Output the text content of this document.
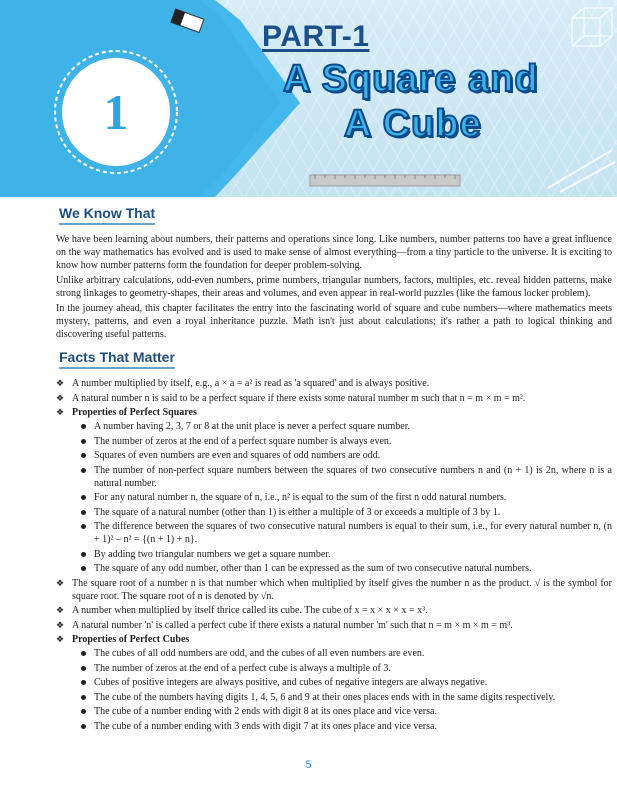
1
PART-1
A Square and
A Cube
We Know That

We have been learning about numbers, their patterns and operations since long. Like numbers, number patterns too have a great influence on the way mathematics has evolved and is used to make sense of almost everything—from a tiny particle to the universe. It is exciting to know how number patterns form the foundation for deeper problem-solving.

Unlike arbitrary calculations, odd-even numbers, prime numbers, triangular numbers, factors, multiples, etc. reveal hidden patterns, make strong linkages to geometry-shapes, their areas and volumes, and even appear in real-world puzzles (like the famous locker problem).

In the journey ahead, this chapter facilitates the entry into the fascinating world of square and cube numbers—where mathematics meets mystery, patterns, and even a royal inheritance puzzle. Math isn't just about calculations; it's rather a path to logical thinking and discovering useful patterns.

Facts That Matter
❖ A number multiplied by itself, e.g., a × a = a² is read as 'a squared' and is always positive.
❖ A natural number n is said to be a perfect square if there exists some natural number m such that n = m × m = m².
❖ Properties of Perfect Squares
A number having 2, 3, 7 or 8 at the unit place is never a perfect square number.
The number of zeros at the end of a perfect square number is always even.
Squares of even numbers are even and squares of odd numbers are odd.
The number of non-perfect square numbers between the squares of two consecutive numbers n and (n + 1) is 2n, where n is a natural number.
For any natural number n, the square of n, i.e., n² is equal to the sum of the first n odd natural numbers.
The square of a natural number (other than 1) is either a multiple of 3 or exceeds a multiple of 3 by 1.
The difference between the squares of two consecutive natural numbers is equal to their sum, i.e., for every natural number n, (n + 1)² – n² = {(n + 1) + n}.
By adding two triangular numbers we get a square number.
The square of any odd number, other than 1 can be expressed as the sum of two consecutive natural numbers.
❖ The square root of a number n is that number which when multiplied by itself gives the number n as the product. √ is the symbol for square root. The square root of n is denoted by √n.
❖ A number when multiplied by itself thrice called its cube. The cube of x = x × x × x = x³.
❖ A natural number 'n' is called a perfect cube if there exists a natural number 'm' such that n = m × m × m = m³.
❖ Properties of Perfect Cubes
The cubes of all odd numbers are odd, and the cubes of all even numbers are even.
The number of zeros at the end of a perfect cube is always a multiple of 3.
Cubes of positive integers are always positive, and cubes of negative integers are always negative.
The cube of the numbers having digits 1, 4, 5, 6 and 9 at their ones places ends with in the same digits respectively.
The cube of a number ending with 2 ends with digit 8 at its ones place and vice versa.
The cube of a number ending with 3 ends with digit 7 at its ones place and vice versa.
5
